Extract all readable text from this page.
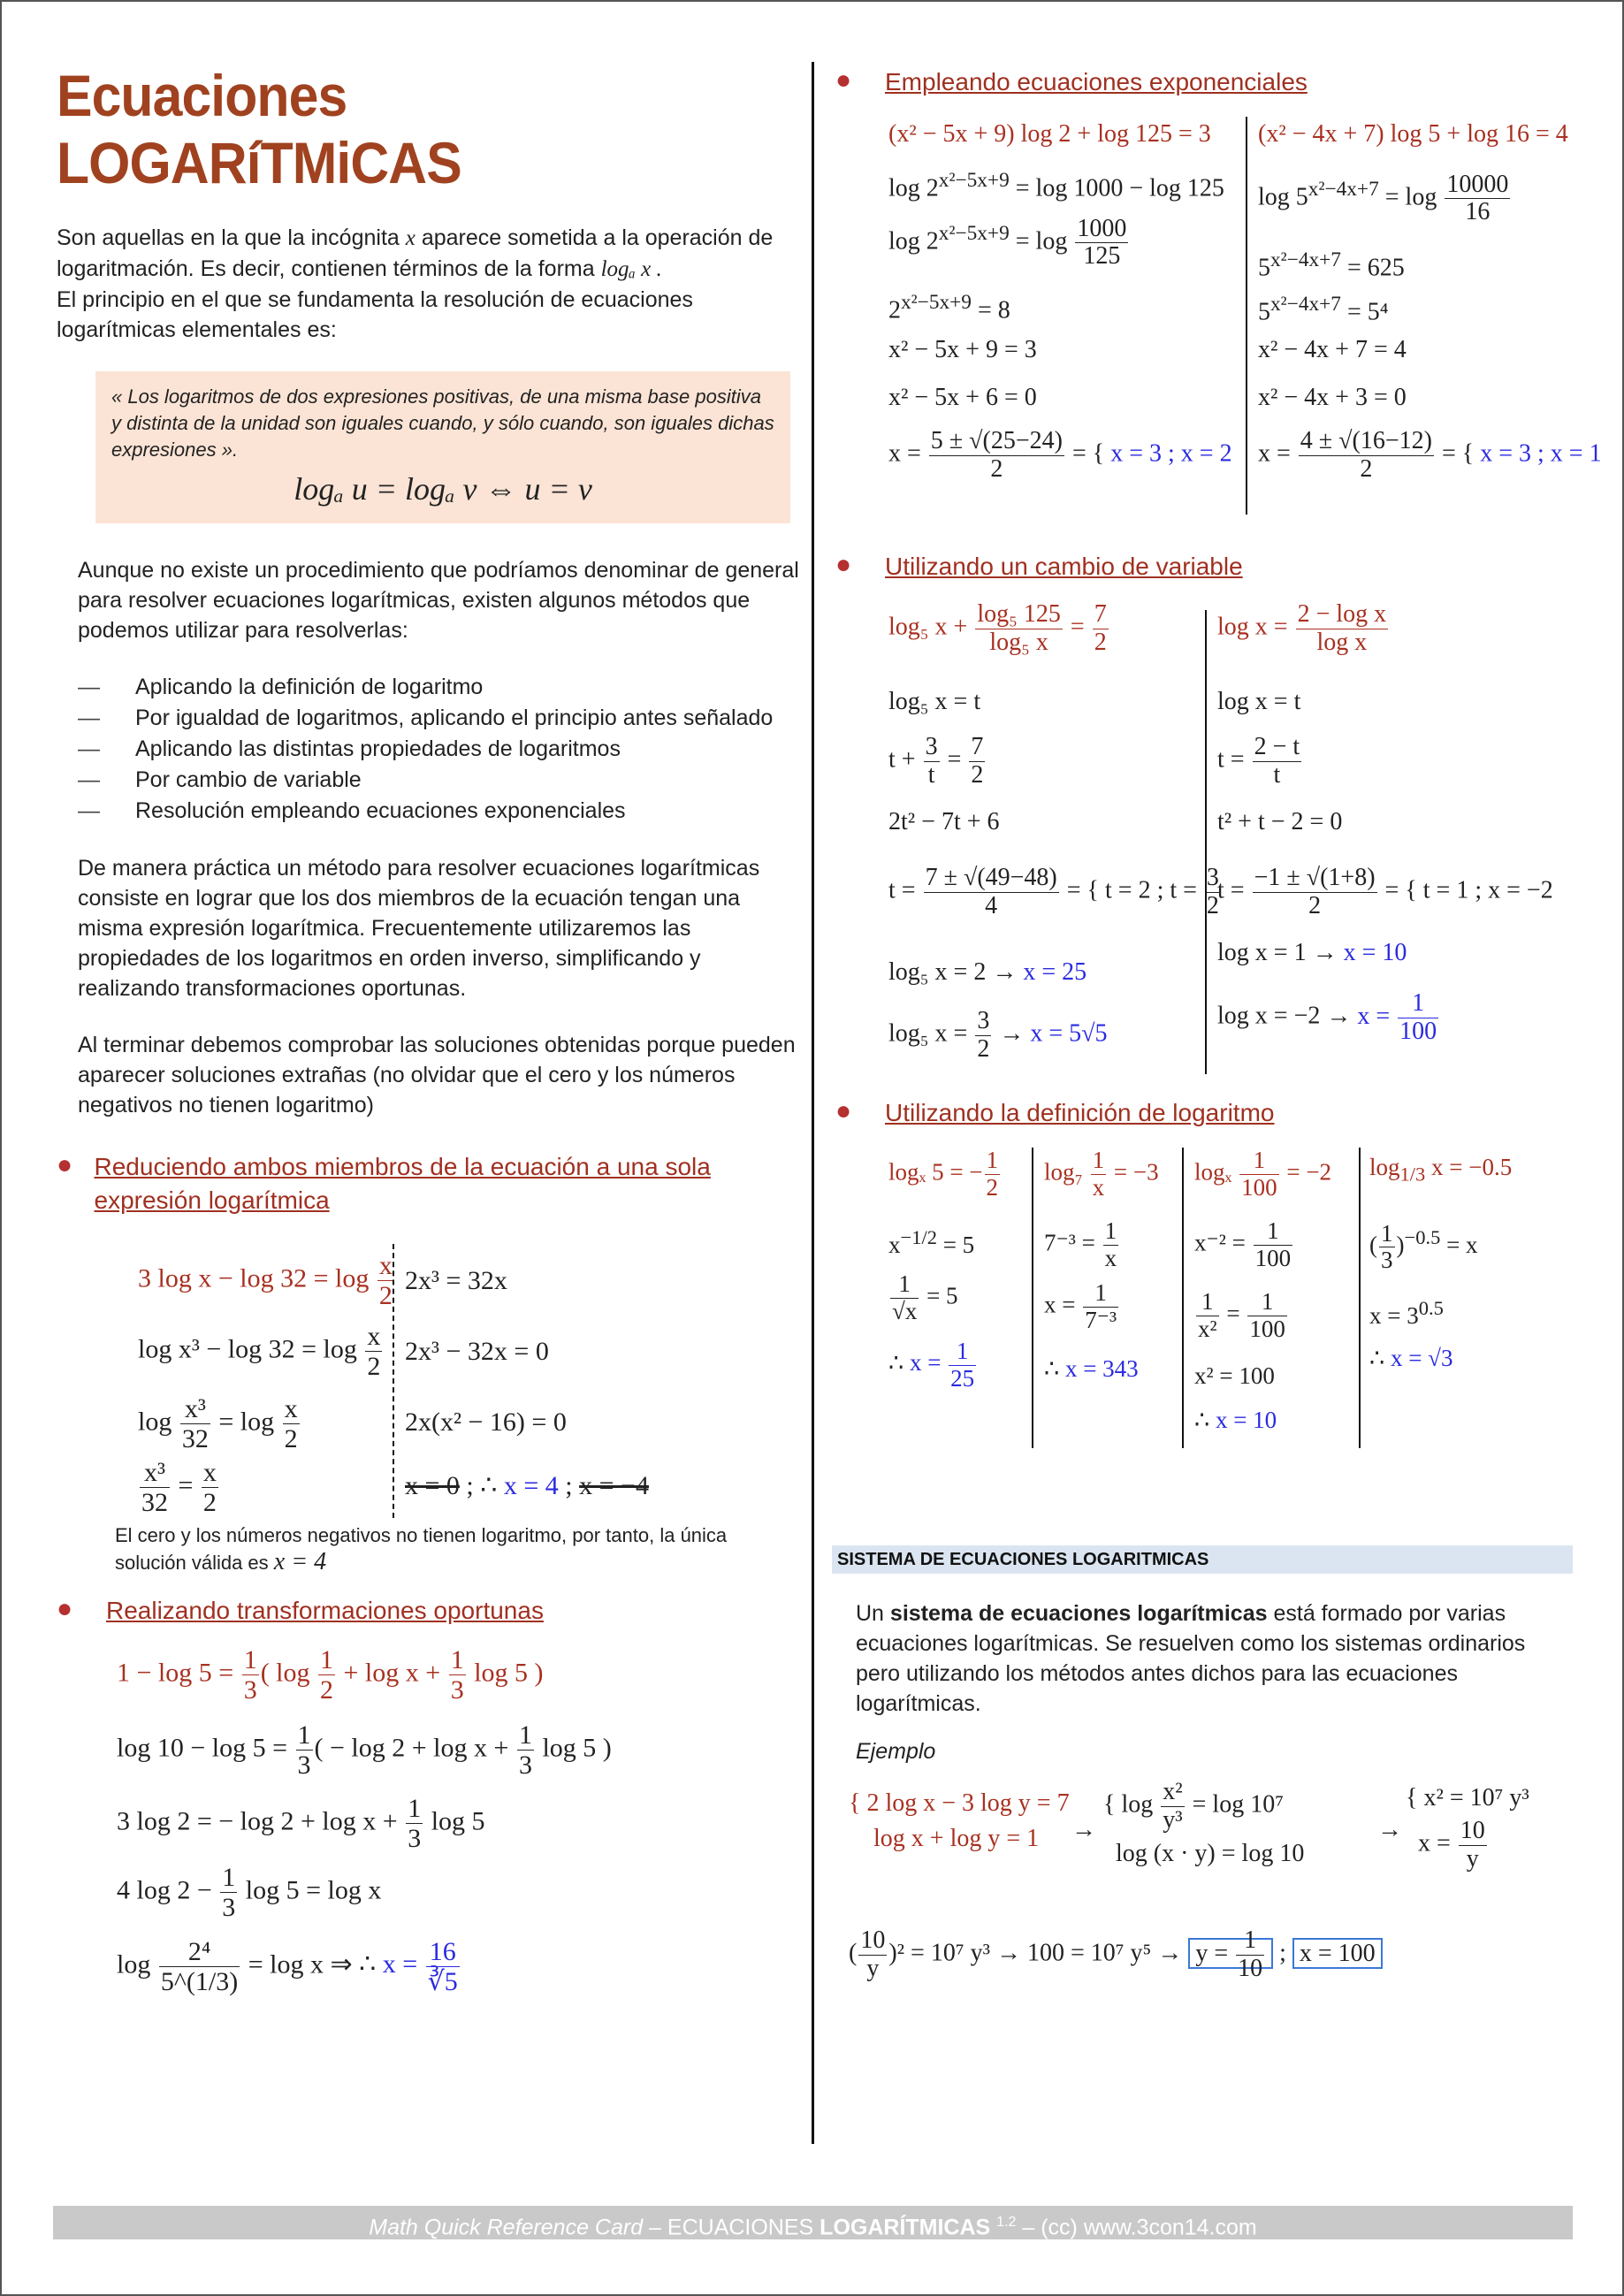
Ecuaciones LOGARíTMiCAS

Son aquellas en la que la incógnita x aparece sometida a la operación de logaritmación. Es decir, contienen términos de la forma logₐ x .

El principio en el que se fundamenta la resolución de ecuaciones logarítmicas elementales es:

« Los logaritmos de dos expresiones positivas, de una misma base positiva y distinta de la unidad son iguales cuando, y sólo cuando, son iguales dichas expresiones ».
logₐ u = logₐ v ⇔ u = v

Aunque no existe un procedimiento que podríamos denominar de general para resolver ecuaciones logarítmicas, existen algunos métodos que podemos utilizar para resolverlas:

— Aplicando la definición de logaritmo
— Por igualdad de logaritmos, aplicando el principio antes señalado
— Aplicando las distintas propiedades de logaritmos
— Por cambio de variable
— Resolución empleando ecuaciones exponenciales

De manera práctica un método para resolver ecuaciones logarítmicas consiste en lograr que los dos miembros de la ecuación tengan una misma expresión logarítmica. Frecuentemente utilizaremos las propiedades de los logaritmos en orden inverso, simplificando y realizando transformaciones oportunas.

Al terminar debemos comprobar las soluciones obtenidas porque pueden aparecer soluciones extrañas (no olvidar que el cero y los números negativos no tienen logaritmo)

● Reduciendo ambos miembros de la ecuación a una sola expresión logarítmica
3 $\log x - \log 32 = \log \frac{x}{2}$
$\log x^3 - \log 32 = \log \frac{x}{2}$
$\log \frac{\text{x³}}{32} = \log \frac{x}{2}$
$\frac{\text{x³}}{32} = \frac{x}{2}$
2x³ = 32x
2x³ − 32x = 0
2x(x² − 16) = 0
x = 0 ; ∴ x = 4 ; x = −4
El cero y los números negativos no tienen logaritmo, por tanto, la única solución válida es x = 4
●	Realizando transformaciones oportunas
$1 - \log 5 = \frac{1}{3}$ ( $\log \frac{1}{2} + \log x + \frac{1}{3}$ log 5 )
$\log 10 - \log 5 = \frac{1}{3}$ ( − $\log 2 + \log x + \frac{1}{3}$ log 5 )
3 log 2 = − $\log 2 + \log x + \frac{1}{3}$ log 5
4 $\log 2 - \frac{1}{3}$ log 5 = log x
$\log \frac{\text{2⁴}}{5\^{}(1/3)} = \log x$ ⇒ ∴ $x = \frac{16}{∛5}$
●	Empleando ecuaciones exponenciales
(x² − 5x + 9) log 2 + log 125 = 3
$\log 2^{x^2-5x+9} = \log 1000 - \log 125$
$\log 2^{x^2-5x+9} = \log \frac{1000}{125}$
$2^{x^2-5x+9} = 8$
x² − 5x + 9 = 3
x² − 5x + 6 = 0
$x = \frac{5 \pm √(25-24)}{2}$ = { x = 3 ; x = 2
(x² − 4x + 7) log 5 + log 16 = 4
$\log 5^{x^2-4x+7} = \log \frac{10000}{16}$
$5^{x^2-4x+7} = 625$
$5^{x^2-4x+7} = 5^4$
x² − 4x + 7 = 4
x² − 4x + 3 = 0
$x = \frac{4 \pm √(16-12)}{2}$ = { x = 3 ; x = 1
●	Utilizando un cambio de variable
log₅ $x + \frac{\text{log₅ 125}}{\text{log₅ x}} = \frac{7}{2}$
log₅ x = t
$t + \frac{3}{t} = \frac{7}{2}$
2t² − 7t + 6
$t = \frac{7 \pm √(49-48)}{4}$ = { t = 2 ; $t = \frac{3}{2}$
log₅ x = 2 → x = 25
log₅ $x = \frac{3}{2} \to x = 5√5$
$\log x = \frac{\text{2 − log x}}{\text{log x}}$
log x = t
$t = \frac{2 - t}{t}$
t² + t − 2 = 0
$t = \frac{-1 \pm √(1+8)}{2}$ = { t = 1 ; x = −2
log x = 1 → x = 10
$\log x = -2 \to x = \frac{1}{100}$
●	Utilizando la definición de logaritmo
logₓ 5 = − $\frac{1}{2}$
$x^{-1/2} = 5$
$\frac{1}{√x} = 5$
∴ $x = \frac{1}{25}$
$\log_7 \frac{1}{x} = -3$
$7^{-3} = \frac{1}{x}$
$x = \frac{1}{\text{7⁻³}}$
∴ x = 343
logₓ $\frac{1}{100} = -2$
$x^{-2} = \frac{1}{100}$
$\frac{1}{\text{x²}} = \frac{1}{100}$
x² = 100
∴ x = 10
$\log_{1/3} x = -0.5$
( $\frac{1}{3} )^{-0.5} = x$
$x = 3^{0.5}$
∴ x = √3
SISTEMA DE ECUACIONES LOGARITMICAS

Un sistema de ecuaciones logarítmicas está formado por varias ecuaciones logarítmicas. Se resuelven como los sistemas ordinarios pero utilizando los métodos antes dichos para las ecuaciones logarítmicas.

Ejemplo

{ 2 log x − 3 log y = 7
log x + log y = 1	→
{ $\log \frac{\text{x²}}{\text{y³}} = \log 10^7$
log (x · y) = log 10
→
{ x² = 10⁷ y³
$x = \frac{10}{y}$
( $\frac{10}{y} )^2 = 10^7$ y³ → 100 = 10⁷ $y^5 \to y = \frac{1}{10}$ ; x = 100
Math Quick Reference Card – ECUACIONES LOGARÍTMICAS $^{1.2}$ – (cc) www.3con14.com
